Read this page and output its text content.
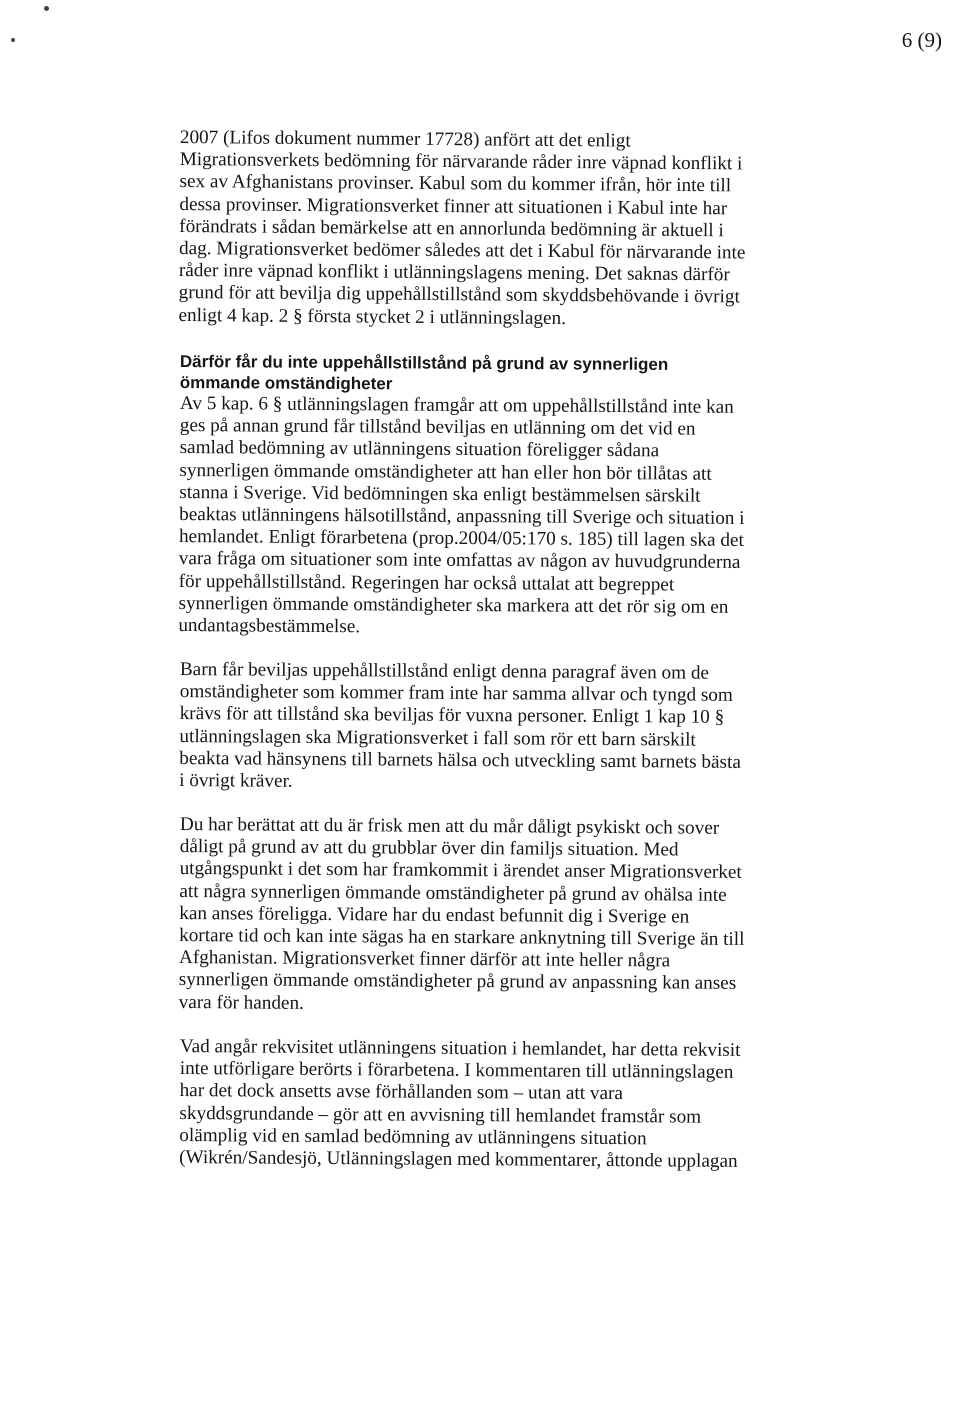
6 (9)

2007 (Lifos dokument nummer 17728) anfört att det enligt
Migrationsverkets bedömning för närvarande råder inre väpnad konflikt i
sex av Afghanistans provinser. Kabul som du kommer ifrån, hör inte till
dessa provinser. Migrationsverket finner att situationen i Kabul inte har
förändrats i sådan bemärkelse att en annorlunda bedömning är aktuell i
dag. Migrationsverket bedömer således att det i Kabul för närvarande inte
råder inre väpnad konflikt i utlänningslagens mening. Det saknas därför
grund för att bevilja dig uppehållstillstånd som skyddsbehövande i övrigt
enligt 4 kap. 2 § första stycket 2 i utlänningslagen.

Därför får du inte uppehållstillstånd på grund av synnerligen
ömmande omständigheter

Av 5 kap. 6 § utlänningslagen framgår att om uppehållstillstånd inte kan
ges på annan grund får tillstånd beviljas en utlänning om det vid en
samlad bedömning av utlänningens situation föreligger sådana
synnerligen ömmande omständigheter att han eller hon bör tillåtas att
stanna i Sverige. Vid bedömningen ska enligt bestämmelsen särskilt
beaktas utlänningens hälsotillstånd, anpassning till Sverige och situation i
hemlandet. Enligt förarbetena (prop.2004/05:170 s. 185) till lagen ska det
vara fråga om situationer som inte omfattas av någon av huvudgrunderna
för uppehållstillstånd. Regeringen har också uttalat att begreppet
synnerligen ömmande omständigheter ska markera att det rör sig om en
undantagsbestämmelse.

Barn får beviljas uppehållstillstånd enligt denna paragraf även om de
omständigheter som kommer fram inte har samma allvar och tyngd som
krävs för att tillstånd ska beviljas för vuxna personer. Enligt 1 kap 10 §
utlänningslagen ska Migrationsverket i fall som rör ett barn särskilt
beakta vad hänsynens till barnets hälsa och utveckling samt barnets bästa
i övrigt kräver.

Du har berättat att du är frisk men att du mår dåligt psykiskt och sover
dåligt på grund av att du grubblar över din familjs situation. Med
utgångspunkt i det som har framkommit i ärendet anser Migrationsverket
att några synnerligen ömmande omständigheter på grund av ohälsa inte
kan anses föreligga. Vidare har du endast befunnit dig i Sverige en
kortare tid och kan inte sägas ha en starkare anknytning till Sverige än till
Afghanistan. Migrationsverket finner därför att inte heller några
synnerligen ömmande omständigheter på grund av anpassning kan anses
vara för handen.

Vad angår rekvisitet utlänningens situation i hemlandet, har detta rekvisit
inte utförligare berörts i förarbetena. I kommentaren till utlänningslagen
har det dock ansetts avse förhållanden som – utan att vara
skyddsgrundande – gör att en avvisning till hemlandet framstår som
olämplig vid en samlad bedömning av utlänningens situation
(Wikrén/Sandesjö, Utlänningslagen med kommentarer, åttonde upplagan
